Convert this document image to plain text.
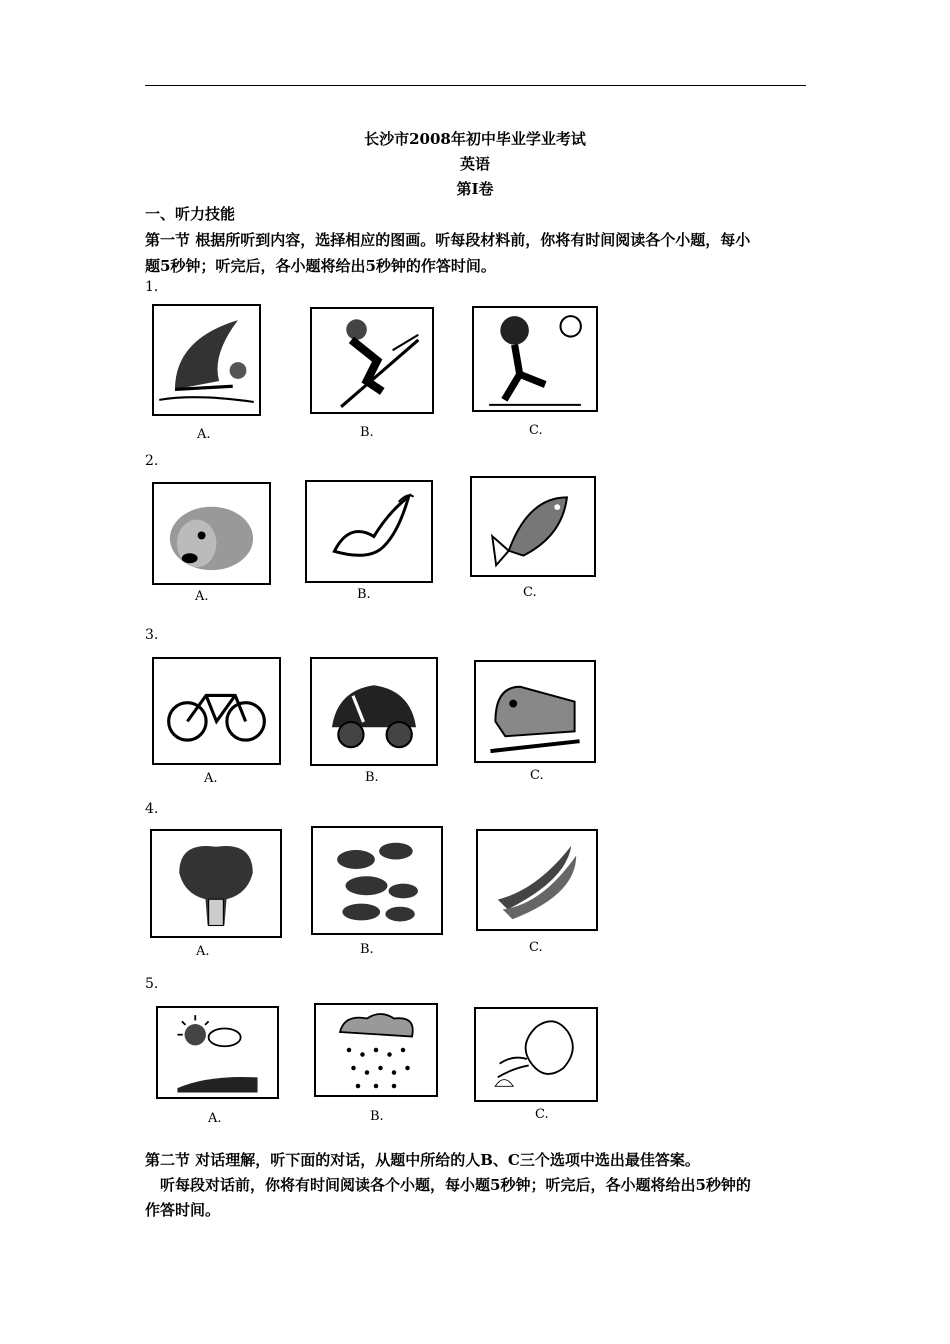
长沙市2008年初中毕业学业考试
英语
第Ⅰ卷
一、听力技能
第一节 根据所听到内容，选择相应的图画。听每段材料前，你将有时间阅读各个小题，每小
题5秒钟；听完后，各小题将给出5秒钟的作答时间。
1.
A.	B.	C.
2.
A.	B.	C.
3.
A.	B.	C.
4.
A.	B.	C.
5.
A.	B.	C.
第二节 对话理解，听下面的对话，从题中所给的人B、C三个选项中选出最佳答案。
听每段对话前，你将有时间阅读各个小题，每小题5秒钟；听完后，各小题将给出5秒钟的
作答时间。
